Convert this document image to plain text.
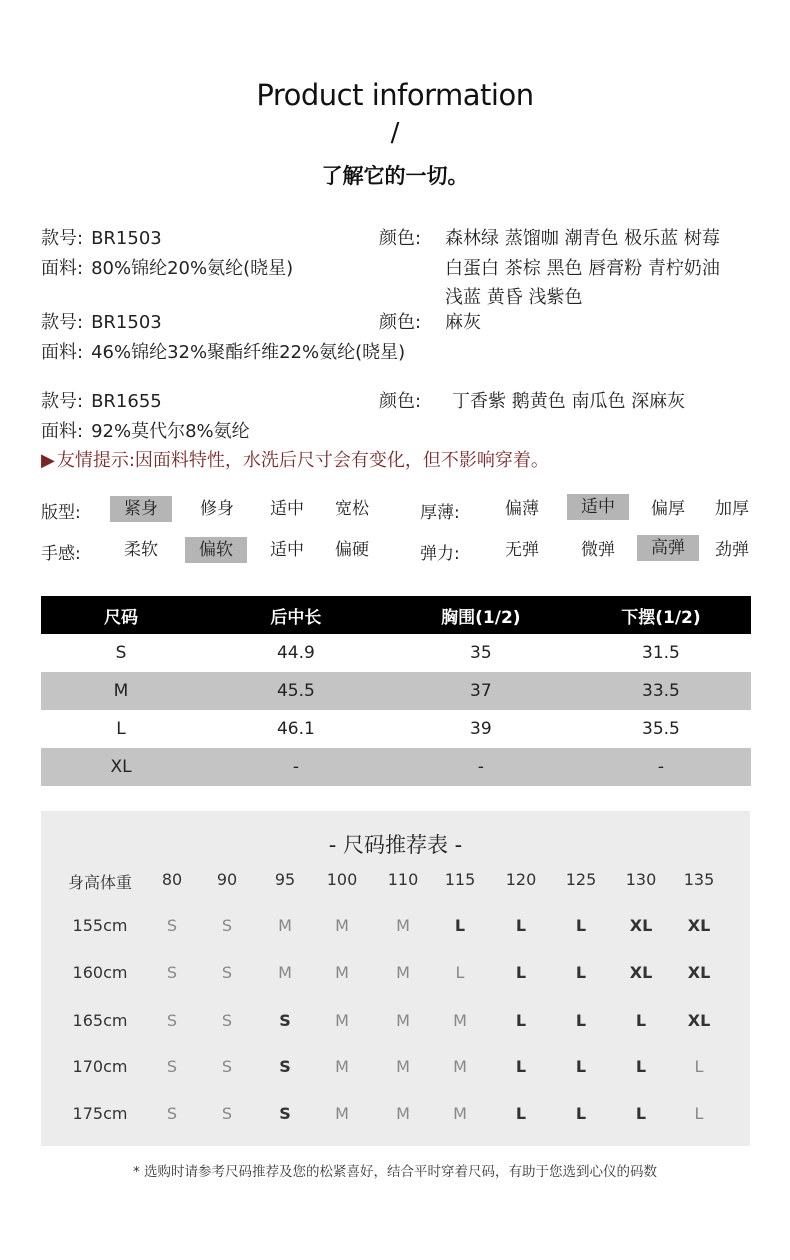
Product information
/
了解它的一切。
款号: BR1503
面料: 80%锦纶20%氨纶(晓星)
颜色: 森林绿 蒸馏咖 潮青色 极乐蓝 树莓
白蛋白 茶棕 黑色 唇膏粉 青柠奶油
浅蓝 黄昏 浅紫色
款号: BR1503
面料: 46%锦纶32%聚酯纤维22%氨纶(晓星)
颜色: 麻灰
款号: BR1655
面料: 92%莫代尔8%氨纶
颜色: 丁香紫 鹅黄色 南瓜色 深麻灰
▶ 友情提示:因面料特性，水洗后尺寸会有变化，但不影响穿着。
版型:	紧身	修身	适中	宽松	厚薄:	偏薄	适中	偏厚	加厚
手感:	柔软	偏软	适中	偏硬	弹力:	无弹	微弹	高弹	劲弹
尺码	后中长	胸围(1/2)	下摆(1/2)
S	44.9	35	31.5
M	45.5	37	33.5
L	46.1	39	35.5
XL	-	-	-
- 尺码推荐表 -
身高体重	80	90	95	100	110	115	120	125	130	135
155cm	S	S	M	M	M	L	L	L	XL	XL
160cm	S	S	M	M	M	L	L	L	XL	XL
165cm	S	S	S	M	M	M	L	L	L	XL
170cm	S	S	S	M	M	M	L	L	L	L
175cm	S	S	S	M	M	M	L	L	L	L
* 选购时请参考尺码推荐及您的松紧喜好，结合平时穿着尺码，有助于您选到心仪的码数
